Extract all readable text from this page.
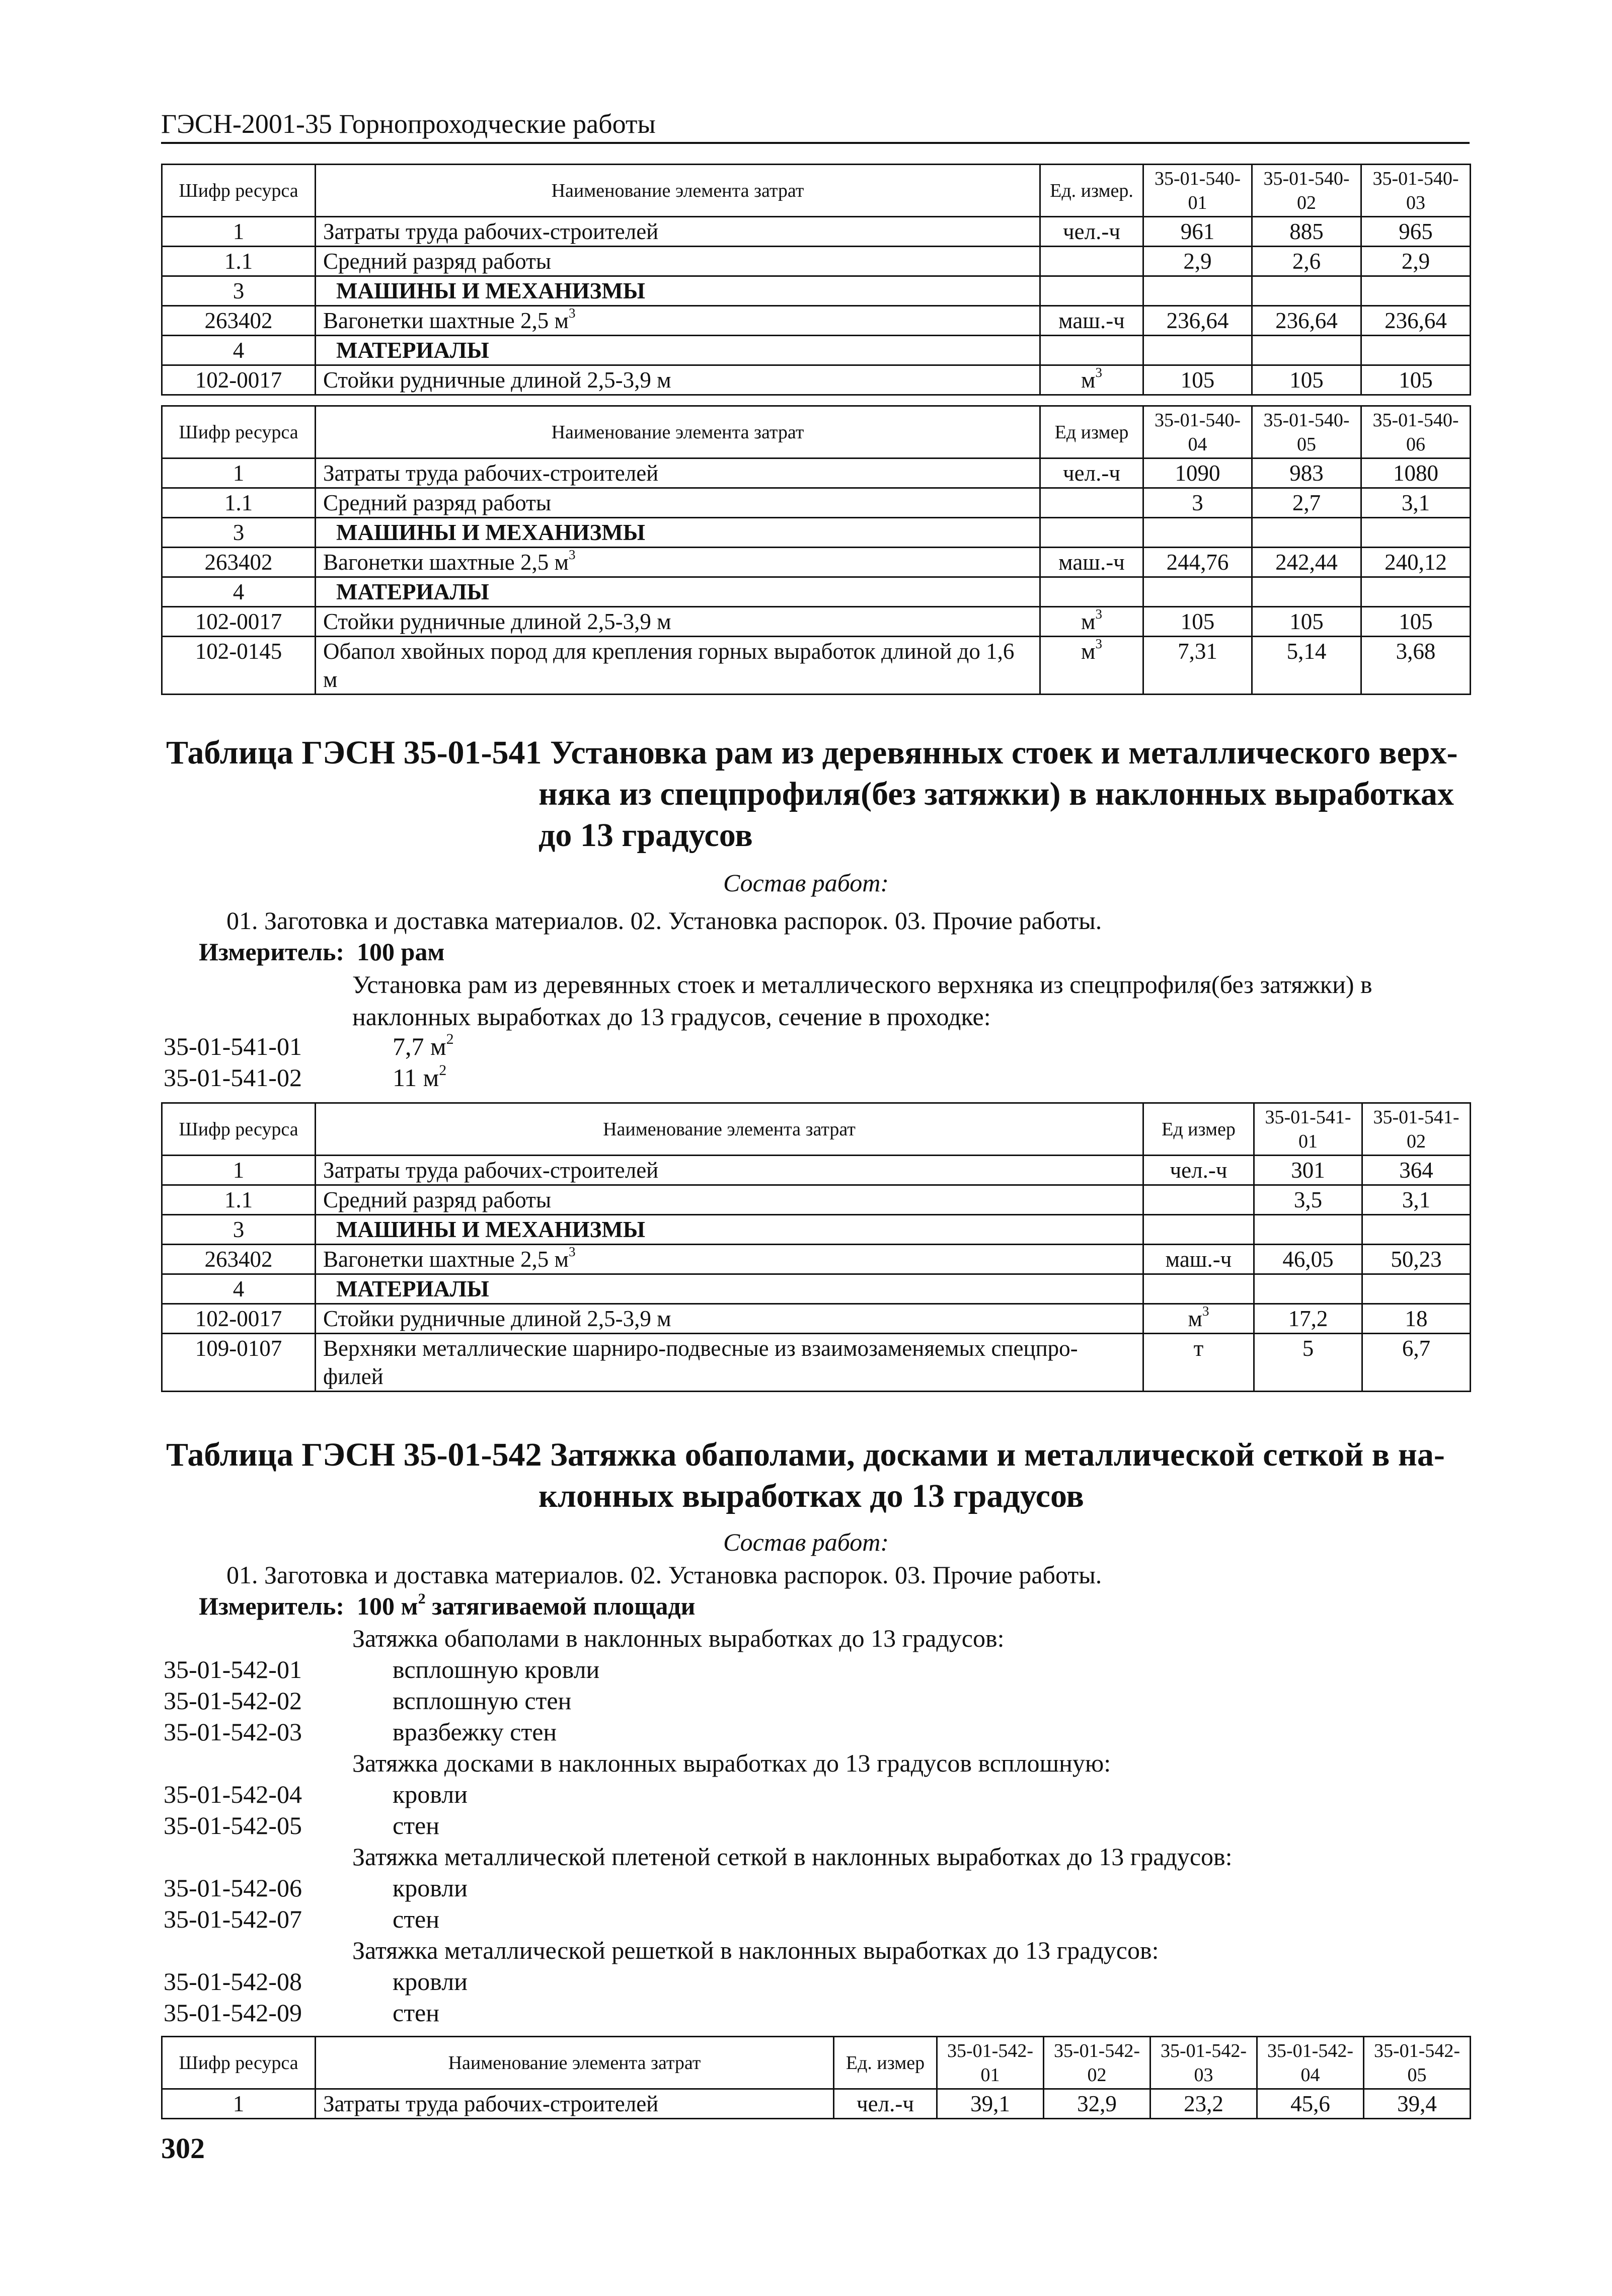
ГЭСН-2001-35 Горнопроходческие работы
Шифр ресурса	Наименование элемента затрат	Ед. измер.	35-01-540-01	35-01-540-02	35-01-540-03
1	Затраты труда рабочих-строителей	чел.-ч	961	885	965
1.1	Средний разряд работы		2,9	2,6	2,9
3	МАШИНЫ И МЕХАНИЗМЫ				
263402	Вагонетки шахтные 2,5 $м^3$	маш.-ч	236,64	236,64	236,64
4	МАТЕРИАЛЫ				
102-0017	Стойки рудничные длиной 2,5-3,9 м	$м^3$	105	105	105
Шифр ресурса	Наименование элемента затрат	Ед измер	35-01-540-04	35-01-540-05	35-01-540-06
1	Затраты труда рабочих-строителей	чел.-ч	1090	983	1080
1.1	Средний разряд работы		3	2,7	3,1
3	МАШИНЫ И МЕХАНИЗМЫ				
263402	Вагонетки шахтные 2,5 $м^3$	маш.-ч	244,76	242,44	240,12
4	МАТЕРИАЛЫ				
102-0017	Стойки рудничные длиной 2,5-3,9 м	$м^3$	105	105	105
102-0145	Обапол хвойных пород для крепления горных выработок длиной до 1,6 м	$м^3$	7,31	5,14	3,68
Таблица ГЭСН 35-01-541 Установка рам из деревянных стоек и металлического верх-
няка из спецпрофиля(без затяжки) в наклонных выработках
до 13 градусов
Состав работ:
01. Заготовка и доставка материалов. 02. Установка распорок. 03. Прочие работы.
Измеритель: 100 рам
Установка рам из деревянных стоек и металлического верхняка из спецпрофиля(без затяжки) в наклонных выработках до 13 градусов, сечение в проходке:
35-01-541-01	7,7 $м^2$
35-01-541-02	11 $м^2$
Шифр ресурса	Наименование элемента затрат	Ед измер	35-01-541-01	35-01-541-02
1	Затраты труда рабочих-строителей	чел.-ч	301	364
1.1	Средний разряд работы		3,5	3,1
3	МАШИНЫ И МЕХАНИЗМЫ			
263402	Вагонетки шахтные 2,5 $м^3$	маш.-ч	46,05	50,23
4	МАТЕРИАЛЫ			
102-0017	Стойки рудничные длиной 2,5-3,9 м	$м^3$	17,2	18
109-0107	Верхняки металлические шарниро-подвесные из взаимозаменяемых спецпро-филей	т	5	6,7
Таблица ГЭСН 35-01-542 Затяжка обаполами, досками и металлической сеткой в на-
клонных выработках до 13 градусов
Состав работ:
01. Заготовка и доставка материалов. 02. Установка распорок. 03. Прочие работы.
Измеритель: 100 $м^2$ затягиваемой площади
Затяжка обаполами в наклонных выработках до 13 градусов:
35-01-542-01	всплошную кровли
35-01-542-02	всплошную стен
35-01-542-03	вразбежку стен
Затяжка досками в наклонных выработках до 13 градусов всплошную:
35-01-542-04	кровли
35-01-542-05	стен
Затяжка металлической плетеной сеткой в наклонных выработках до 13 градусов:
35-01-542-06	кровли
35-01-542-07	стен
Затяжка металлической решеткой в наклонных выработках до 13 градусов:
35-01-542-08	кровли
35-01-542-09	стен
Шифр ресурса	Наименование элемента затрат	Ед. измер	35-01-542-01	35-01-542-02	35-01-542-03	35-01-542-04	35-01-542-05
1	Затраты труда рабочих-строителей	чел.-ч	39,1	32,9	23,2	45,6	39,4
302
